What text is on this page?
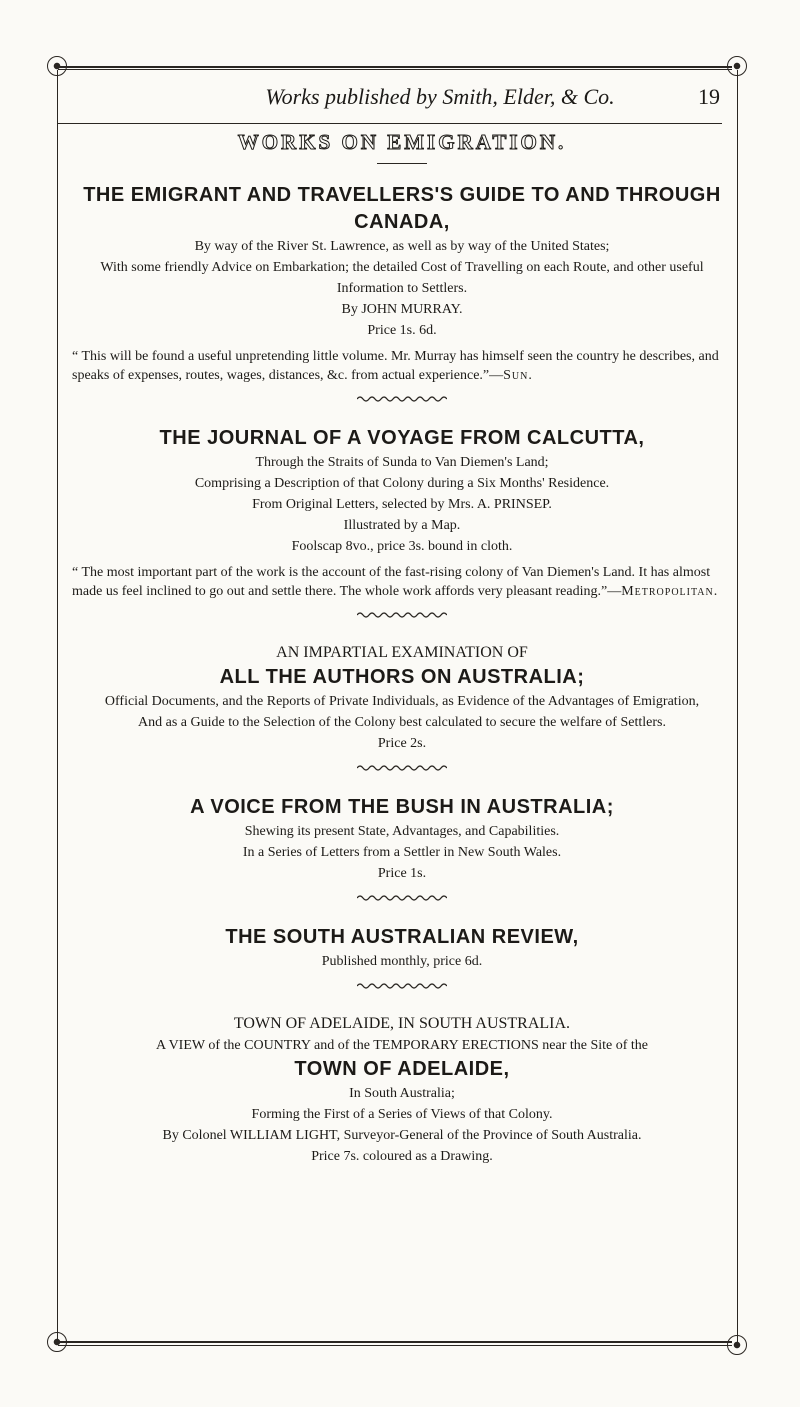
Works published by Smith, Elder, & Co.	19
WORKS ON EMIGRATION.

THE EMIGRANT AND TRAVELLERS'S GUIDE TO AND THROUGH CANADA,

By way of the River St. Lawrence, as well as by way of the United States;

With some friendly Advice on Embarkation; the detailed Cost of Travelling on each Route, and other useful Information to Settlers.

By JOHN MURRAY.

Price 1s. 6d.

“ This will be found a useful unpretending little volume. Mr. Murray has himself seen the country he describes, and speaks of expenses, routes, wages, distances, &c. from actual experience.”—Sun.

THE JOURNAL OF A VOYAGE FROM CALCUTTA,

Through the Straits of Sunda to Van Diemen's Land;

Comprising a Description of that Colony during a Six Months' Residence.

From Original Letters, selected by Mrs. A. PRINSEP.

Illustrated by a Map.

Foolscap 8vo., price 3s. bound in cloth.

“ The most important part of the work is the account of the fast-rising colony of Van Diemen's Land. It has almost made us feel inclined to go out and settle there. The whole work affords very pleasant reading.”—Metropolitan.

AN IMPARTIAL EXAMINATION OF

ALL THE AUTHORS ON AUSTRALIA;

Official Documents, and the Reports of Private Individuals, as Evidence of the Advantages of Emigration,

And as a Guide to the Selection of the Colony best calculated to secure the welfare of Settlers.

Price 2s.

A VOICE FROM THE BUSH IN AUSTRALIA;

Shewing its present State, Advantages, and Capabilities.

In a Series of Letters from a Settler in New South Wales.

Price 1s.

THE SOUTH AUSTRALIAN REVIEW,

Published monthly, price 6d.

TOWN OF ADELAIDE, IN SOUTH AUSTRALIA.

A VIEW of the COUNTRY and of the TEMPORARY ERECTIONS near the Site of the

TOWN OF ADELAIDE,

In South Australia;

Forming the First of a Series of Views of that Colony.

By Colonel WILLIAM LIGHT, Surveyor-General of the Province of South Australia.

Price 7s. coloured as a Drawing.
